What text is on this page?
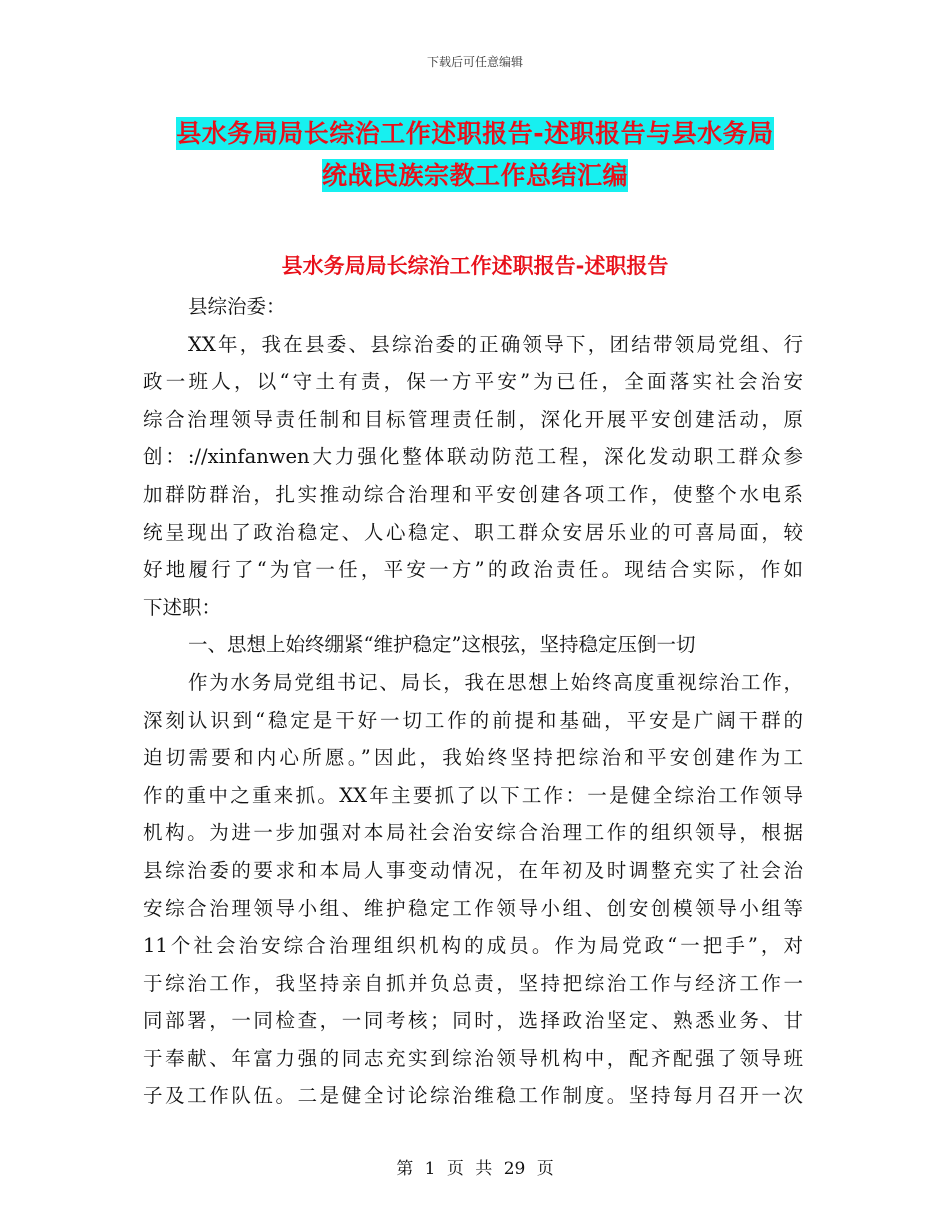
下载后可任意编辑
县水务局局长综治工作述职报告-述职报告与县水务局
统战民族宗教工作总结汇编
县水务局局长综治工作述职报告-述职报告
县综治委：
XX年，我在县委、县综治委的正确领导下，团结带领局党组、行
政一班人，以“守土有责，保一方平安”为已任，全面落实社会治安
综合治理领导责任制和目标管理责任制，深化开展平安创建活动，原
创：://xinfanwen大力强化整体联动防范工程，深化发动职工群众参
加群防群治，扎实推动综合治理和平安创建各项工作，使整个水电系
统呈现出了政治稳定、人心稳定、职工群众安居乐业的可喜局面，较
好地履行了“为官一任，平安一方”的政治责任。现结合实际，作如
下述职：
一、思想上始终绷紧“维护稳定”这根弦，坚持稳定压倒一切
作为水务局党组书记、局长，我在思想上始终高度重视综治工作，
深刻认识到“稳定是干好一切工作的前提和基础，平安是广阔干群的
迫切需要和内心所愿。”因此，我始终坚持把综治和平安创建作为工
作的重中之重来抓。XX年主要抓了以下工作：一是健全综治工作领导
机构。为进一步加强对本局社会治安综合治理工作的组织领导，根据
县综治委的要求和本局人事变动情况，在年初及时调整充实了社会治
安综合治理领导小组、维护稳定工作领导小组、创安创模领导小组等
11个社会治安综合治理组织机构的成员。作为局党政“一把手”，对
于综治工作，我坚持亲自抓并负总责，坚持把综治工作与经济工作一
同部署，一同检查，一同考核；同时，选择政治坚定、熟悉业务、甘
于奉献、年富力强的同志充实到综治领导机构中，配齐配强了领导班
子及工作队伍。二是健全讨论综治维稳工作制度。坚持每月召开一次
第 1 页 共 29 页
